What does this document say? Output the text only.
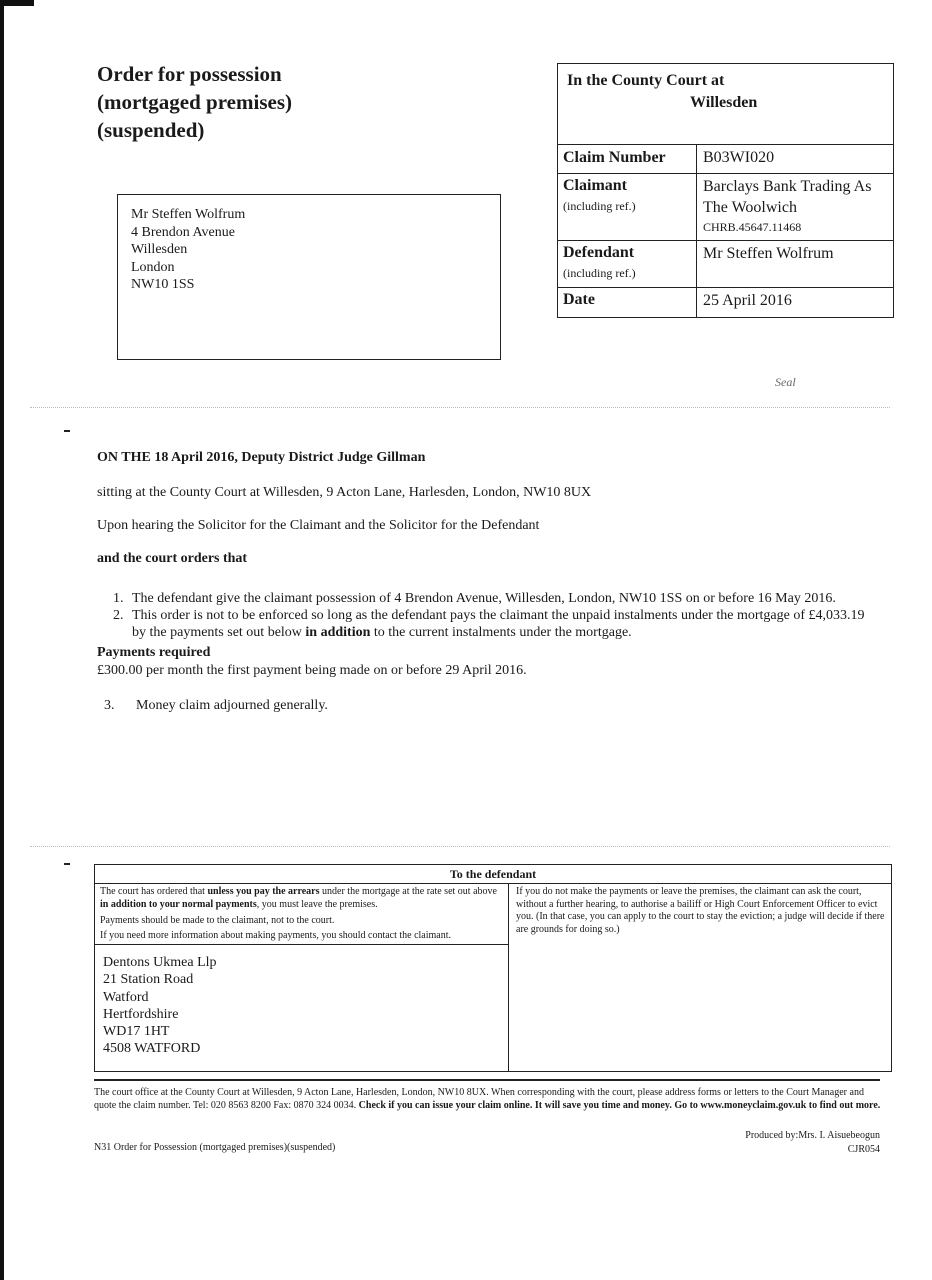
Order for possession
(mortgaged premises)
(suspended)
Mr Steffen Wolfrum
4 Brendon Avenue
Willesden
London
NW10 1SS
In the County Court at
Willesden
Claim Number B03WI020
Claimant
(including ref.)
Barclays Bank Trading As
The Woolwich
CHRB.45647.11468
Defendant
(including ref.)
Mr Steffen Wolfrum
Date	25 April 2016
Seal
ON THE 18 April 2016, Deputy District Judge Gillman
sitting at the County Court at Willesden, 9 Acton Lane, Harlesden, London, NW10 8UX
Upon hearing the Solicitor for the Claimant and the Solicitor for the Defendant
and the court orders that
1. The defendant give the claimant possession of 4 Brendon Avenue, Willesden, London, NW10 1SS on or before 16 May 2016.
2. This order is not to be enforced so long as the defendant pays the claimant the unpaid instalments under the mortgage of £4,033.19
by the payments set out below in addition to the current instalments under the mortgage.
Payments required
£300.00 per month the first payment being made on or before 29 April 2016.
3. Money claim adjourned generally.
To the defendant
The court has ordered that unless you pay the arrears under the mortgage at the rate set out above in addition to your normal payments, you must leave the premises.
Payments should be made to the claimant, not to the court.
If you need more information about making payments, you should contact the claimant.
If you do not make the payments or leave the premises, the claimant can ask the court, without a further hearing, to authorise a bailiff or High Court Enforcement Officer to evict you. (In that case, you can apply to the court to stay the eviction; a judge will decide if there are grounds for doing so.)
Dentons Ukmea Llp
21 Station Road
Watford
Hertfordshire
WD17 1HT
4508 WATFORD
The court office at the County Court at Willesden, 9 Acton Lane, Harlesden, London, NW10 8UX. When corresponding with the court, please address forms or letters to the Court Manager and quote the claim number. Tel: 020 8563 8200 Fax: 0870 324 0034. Check if you can issue your claim online. It will save you time and money. Go to www.moneyclaim.gov.uk to find out more.
Produced by:Mrs. I. Aisuebeogun
CJR054
N31 Order for Possession (mortgaged premises)(suspended)
